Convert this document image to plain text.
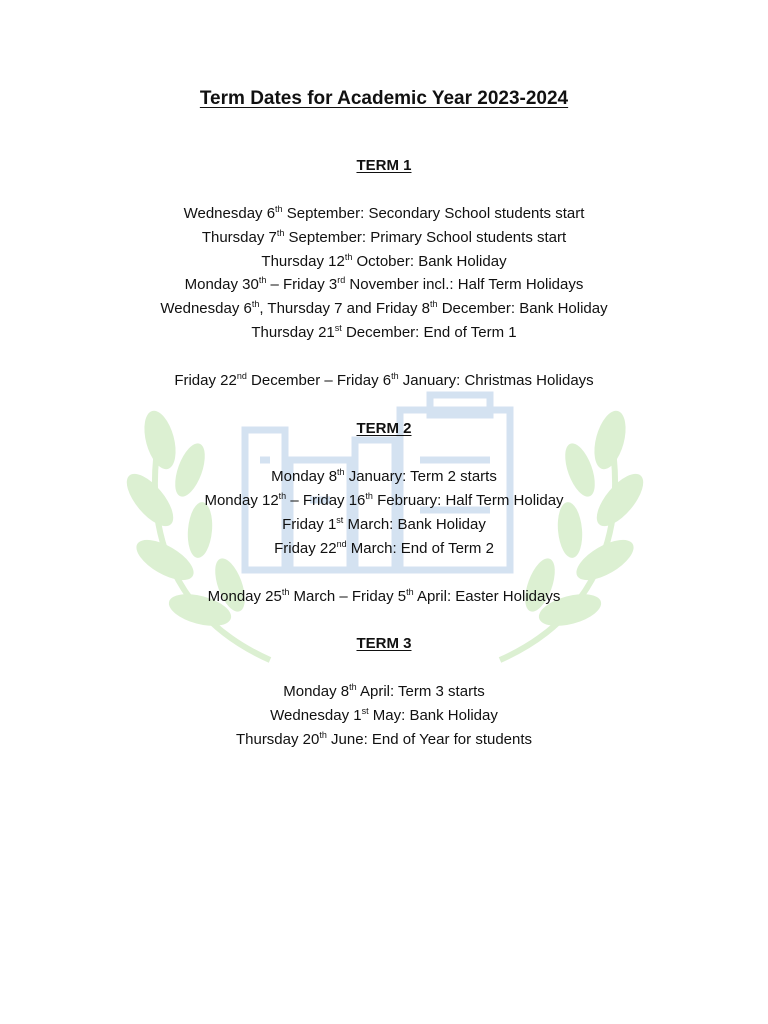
Term Dates for Academic Year 2023-2024
TERM 1
Wednesday 6th September: Secondary School students start
Thursday 7th September: Primary School students start
Thursday 12th October: Bank Holiday
Monday 30th – Friday 3rd November incl.: Half Term Holidays
Wednesday 6th, Thursday 7 and Friday 8th December: Bank Holiday
Thursday 21st December: End of Term 1
Friday 22nd December – Friday 6th January: Christmas Holidays
TERM 2
Monday 8th January: Term 2 starts
Monday 12th – Friday 16th February: Half Term Holiday
Friday 1st March: Bank Holiday
Friday 22nd March: End of Term 2
Monday 25th March – Friday 5th April: Easter Holidays
TERM 3
Monday 8th April: Term 3 starts
Wednesday 1st May: Bank Holiday
Thursday 20th June: End of Year for students
